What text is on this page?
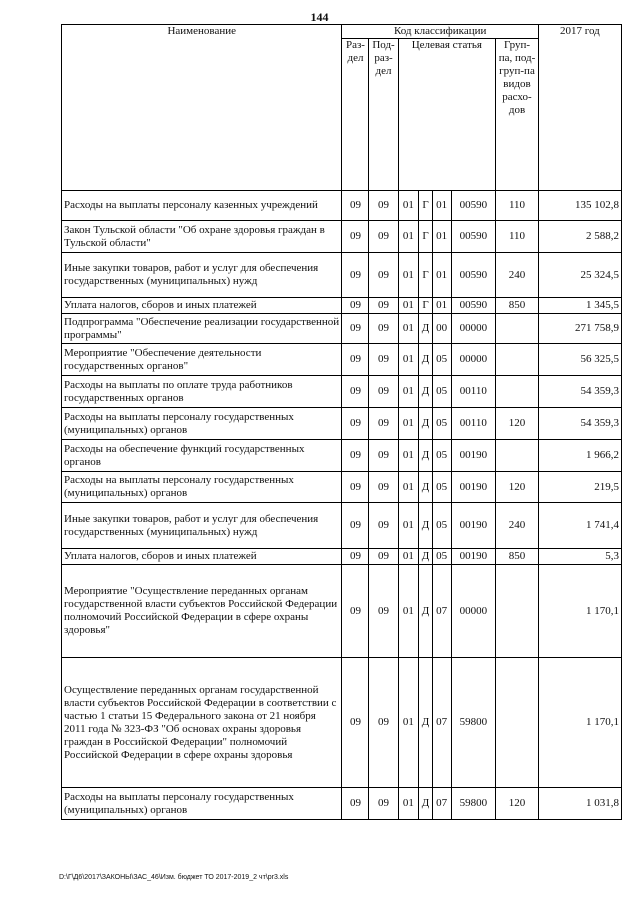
144
Наименование	Код классификации							2017 год
	Раз-дел	Под-раз-дел	Целевая статья				Груп-па, под-груп-па видов расхо-дов	
Расходы на выплаты персоналу казенных учреждений	09	09	01	Г	01	00590	110	135 102,8
Закон Тульской области "Об охране здоровья граждан в Тульской области"	09	09	01	Г	01	00590	110	2 588,2
Иные закупки товаров, работ и услуг для обеспечения государственных (муниципальных) нужд	09	09	01	Г	01	00590	240	25 324,5
Уплата налогов, сборов и иных платежей	09	09	01	Г	01	00590	850	1 345,5
Подпрограмма "Обеспечение реализации государственной программы"	09	09	01	Д	00	00000		271 758,9
Мероприятие "Обеспечение деятельности государственных органов"	09	09	01	Д	05	00000		56 325,5
Расходы на выплаты по оплате труда работников государственных органов	09	09	01	Д	05	00110		54 359,3
Расходы на выплаты персоналу государственных (муниципальных) органов	09	09	01	Д	05	00110	120	54 359,3
Расходы на обеспечение функций государственных органов	09	09	01	Д	05	00190		1 966,2
Расходы на выплаты персоналу государственных (муниципальных) органов	09	09	01	Д	05	00190	120	219,5
Иные закупки товаров, работ и услуг для обеспечения государственных (муниципальных) нужд	09	09	01	Д	05	00190	240	1 741,4
Уплата налогов, сборов и иных платежей	09	09	01	Д	05	00190	850	5,3
Мероприятие "Осуществление переданных органам государственной власти субъектов Российской Федерации полномочий Российской Федерации в сфере охраны здоровья"	09	09	01	Д	07	00000		1 170,1
Осуществление переданных органам государственной власти субъектов Российской Федерации в соответствии с частью 1 статьи 15 Федерального закона от 21 ноября 2011 года № 323-ФЗ "Об основах охраны здоровья граждан в Российской Федерации" полномочий Российской Федерации в сфере охраны здоровья	09	09	01	Д	07	59800		1 170,1
Расходы на выплаты персоналу государственных (муниципальных) органов	09	09	01	Д	07	59800	120	1 031,8
D:\Г\Д6\2017\ЗАКОНЫ\ЗАС_46\Изм. бюджет ТО 2017-2019_2 чт\pr3.xls
